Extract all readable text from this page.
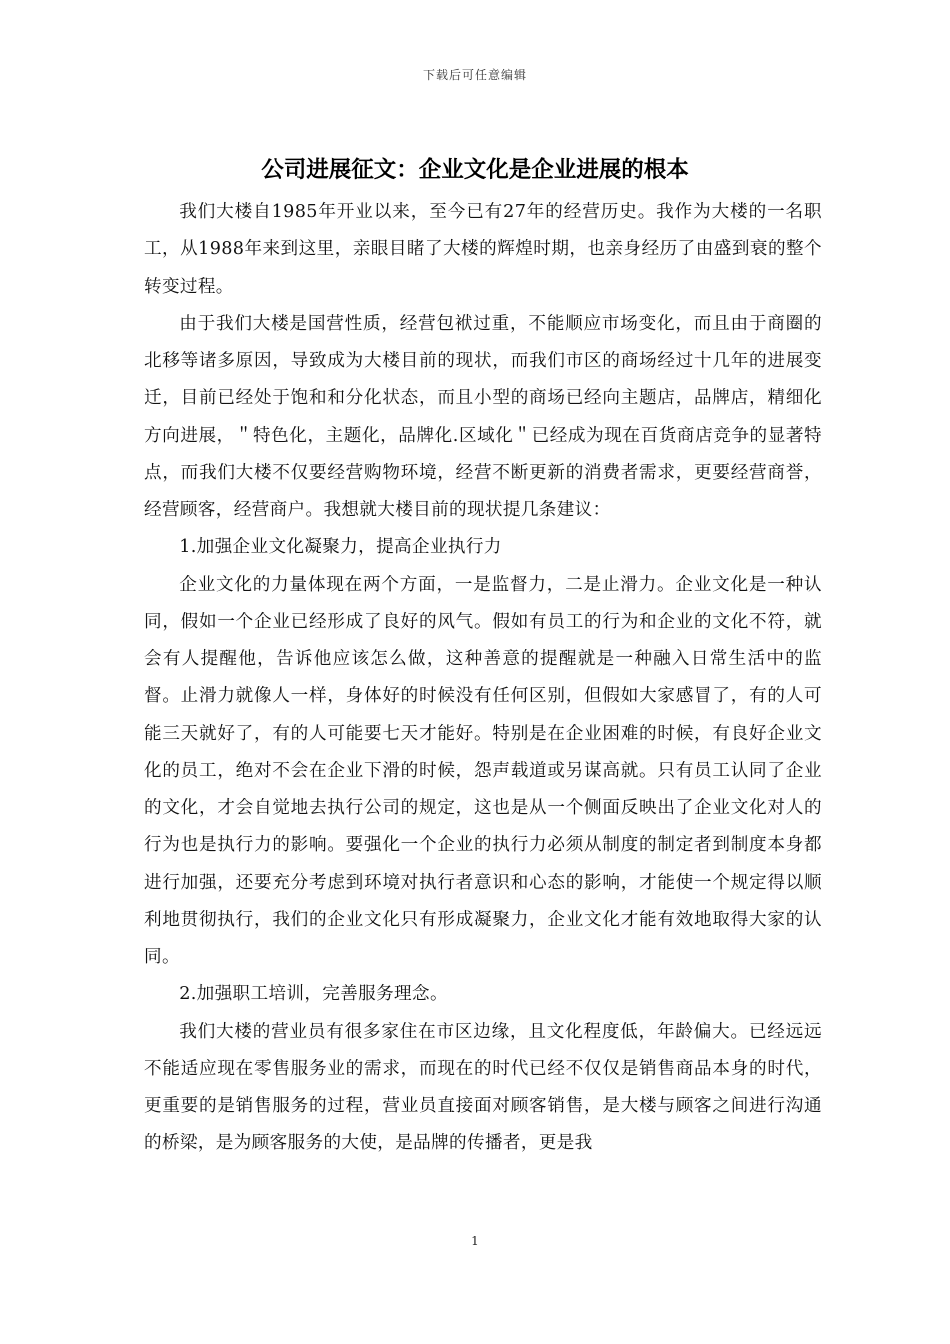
下载后可任意编辑
公司进展征文：企业文化是企业进展的根本

我们大楼自1985年开业以来，至今已有27年的经营历史。我作为大楼的一名职工，从1988年来到这里，亲眼目睹了大楼的辉煌时期，也亲身经历了由盛到衰的整个转变过程。

由于我们大楼是国营性质，经营包袱过重，不能顺应市场变化，而且由于商圈的北移等诸多原因，导致成为大楼目前的现状，而我们市区的商场经过十几年的进展变迁，目前已经处于饱和和分化状态，而且小型的商场已经向主题店，品牌店，精细化方向进展，＂特色化，主题化，品牌化.区域化＂已经成为现在百货商店竞争的显著特点，而我们大楼不仅要经营购物环境，经营不断更新的消费者需求，更要经营商誉，经营顾客，经营商户。我想就大楼目前的现状提几条建议：

1.加强企业文化凝聚力，提高企业执行力

企业文化的力量体现在两个方面，一是监督力，二是止滑力。企业文化是一种认同，假如一个企业已经形成了良好的风气。假如有员工的行为和企业的文化不符，就会有人提醒他，告诉他应该怎么做，这种善意的提醒就是一种融入日常生活中的监督。止滑力就像人一样，身体好的时候没有任何区别，但假如大家感冒了，有的人可能三天就好了，有的人可能要七天才能好。特别是在企业困难的时候，有良好企业文化的员工，绝对不会在企业下滑的时候，怨声载道或另谋高就。只有员工认同了企业的文化，才会自觉地去执行公司的规定，这也是从一个侧面反映出了企业文化对人的行为也是执行力的影响。要强化一个企业的执行力必须从制度的制定者到制度本身都进行加强，还要充分考虑到环境对执行者意识和心态的影响，才能使一个规定得以顺利地贯彻执行，我们的企业文化只有形成凝聚力，企业文化才能有效地取得大家的认同。

2.加强职工培训，完善服务理念。

我们大楼的营业员有很多家住在市区边缘，且文化程度低，年龄偏大。已经远远不能适应现在零售服务业的需求，而现在的时代已经不仅仅是销售商品本身的时代，更重要的是销售服务的过程，营业员直接面对顾客销售，是大楼与顾客之间进行沟通的桥梁，是为顾客服务的大使，是品牌的传播者，更是我

1
